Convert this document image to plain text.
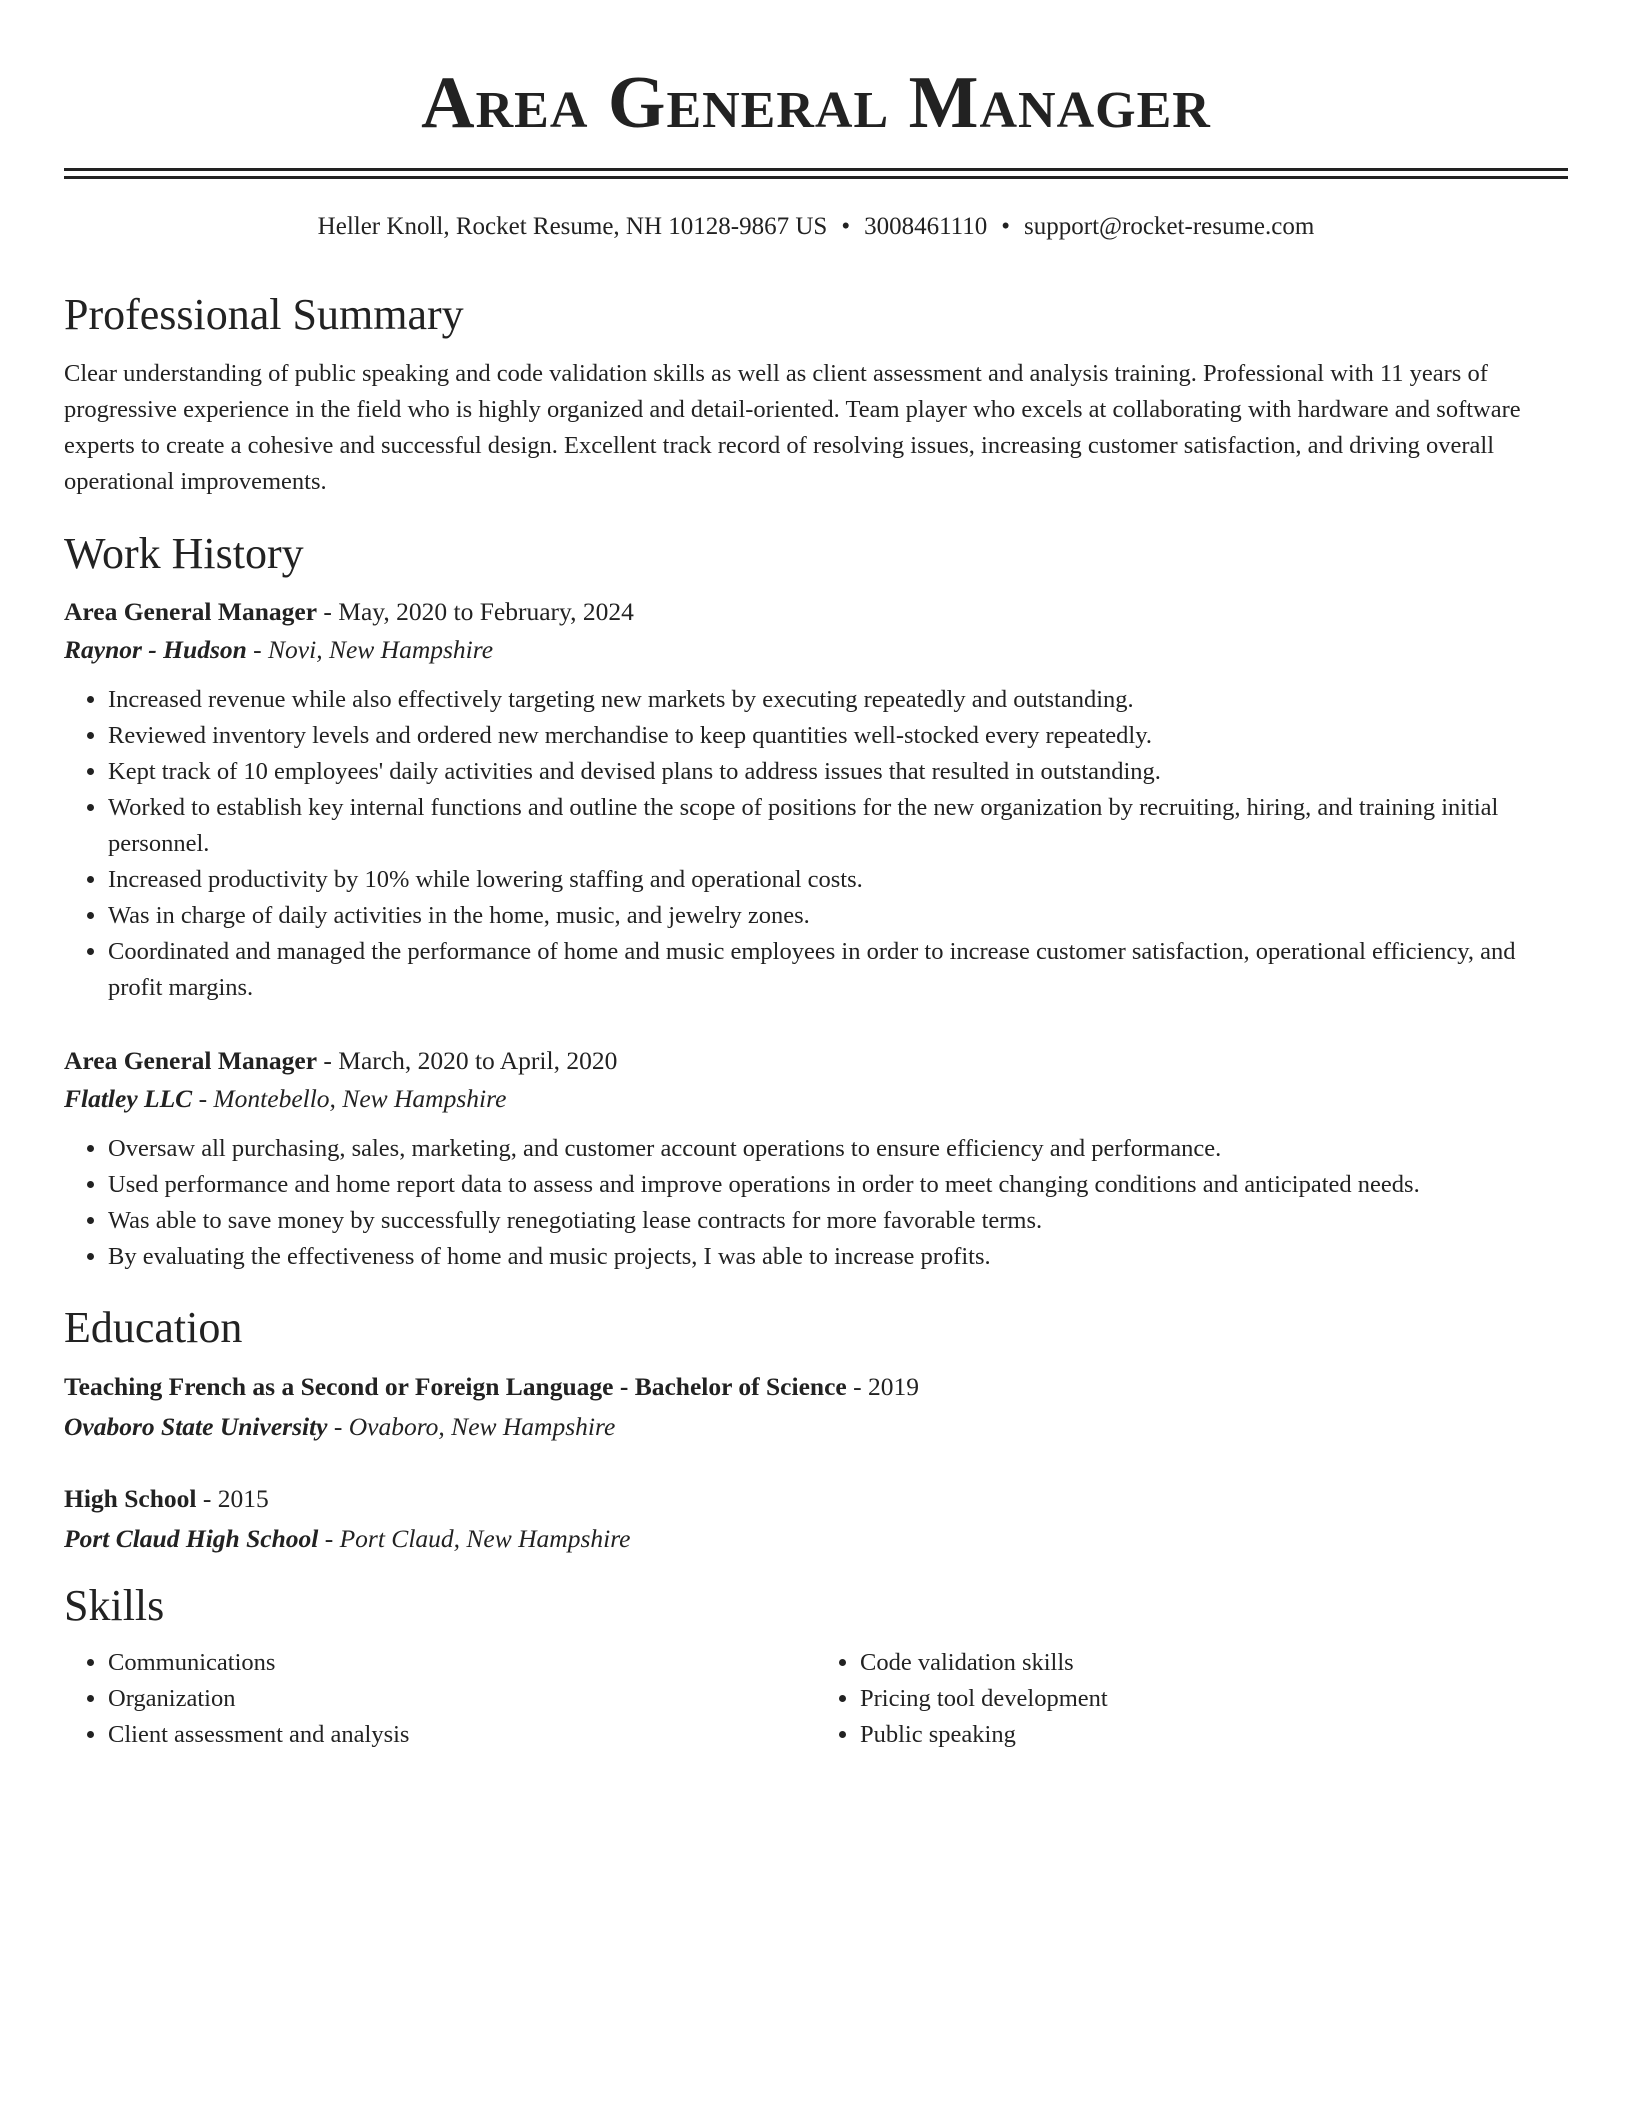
Area General Manager
Heller Knoll, Rocket Resume, NH 10128-9867 US • 3008461110 • support@rocket-resume.com
Professional Summary

Clear understanding of public speaking and code validation skills as well as client assessment and analysis training. Professional with 11 years of progressive experience in the field who is highly organized and detail-oriented. Team player who excels at collaborating with hardware and software experts to create a cohesive and successful design. Excellent track record of resolving issues, increasing customer satisfaction, and driving overall operational improvements.

Work History
Area General Manager - May, 2020 to February, 2024
Raynor - Hudson - Novi, New Hampshire
• Increased revenue while also effectively targeting new markets by executing repeatedly and outstanding.
• Reviewed inventory levels and ordered new merchandise to keep quantities well-stocked every repeatedly.
• Kept track of 10 employees' daily activities and devised plans to address issues that resulted in outstanding.
• Worked to establish key internal functions and outline the scope of positions for the new organization by recruiting, hiring, and training initial personnel.
• Increased productivity by 10% while lowering staffing and operational costs.
• Was in charge of daily activities in the home, music, and jewelry zones.
• Coordinated and managed the performance of home and music employees in order to increase customer satisfaction, operational efficiency, and profit margins.
Area General Manager - March, 2020 to April, 2020
Flatley LLC - Montebello, New Hampshire
• Oversaw all purchasing, sales, marketing, and customer account operations to ensure efficiency and performance.
• Used performance and home report data to assess and improve operations in order to meet changing conditions and anticipated needs.
• Was able to save money by successfully renegotiating lease contracts for more favorable terms.
• By evaluating the effectiveness of home and music projects, I was able to increase profits.
Education
Teaching French as a Second or Foreign Language - Bachelor of Science - 2019
Ovaboro State University - Ovaboro, New Hampshire
High School - 2015
Port Claud High School - Port Claud, New Hampshire
Skills
• Communications
• Organization
• Client assessment and analysis
• Code validation skills
• Pricing tool development
• Public speaking
